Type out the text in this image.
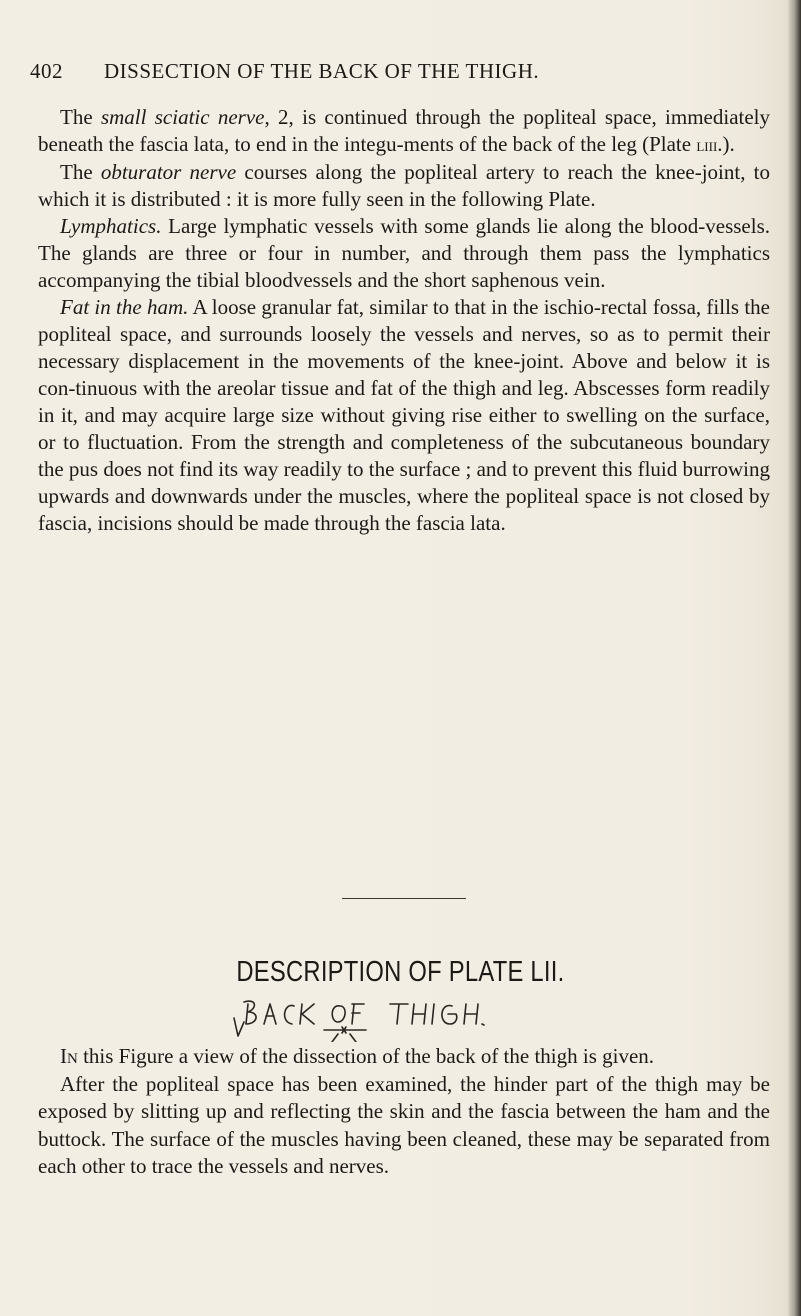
402 DISSECTION OF THE BACK OF THE THIGH.

The small sciatic nerve, 2, is continued through the popliteal space, immediately beneath the fascia lata, to end in the integu-ments of the back of the leg (Plate liii.).

The obturator nerve courses along the popliteal artery to reach the knee-joint, to which it is distributed : it is more fully seen in the following Plate.

Lymphatics. Large lymphatic vessels with some glands lie along the blood-vessels. The glands are three or four in number, and through them pass the lymphatics accompanying the tibial bloodvessels and the short saphenous vein.

Fat in the ham. A loose granular fat, similar to that in the ischio-rectal fossa, fills the popliteal space, and surrounds loosely the vessels and nerves, so as to permit their necessary displacement in the movements of the knee-joint. Above and below it is con-tinuous with the areolar tissue and fat of the thigh and leg. Abscesses form readily in it, and may acquire large size without giving rise either to swelling on the surface, or to fluctuation. From the strength and completeness of the subcutaneous boundary the pus does not find its way readily to the surface ; and to prevent this fluid burrowing upwards and downwards under the muscles, where the popliteal space is not closed by fascia, incisions should be made through the fascia lata.

DESCRIPTION OF PLATE LII.

In this Figure a view of the dissection of the back of the thigh is given.

After the popliteal space has been examined, the hinder part of the thigh may be exposed by slitting up and reflecting the skin and the fascia between the ham and the buttock. The surface of the muscles having been cleaned, these may be separated from each other to trace the vessels and nerves.
